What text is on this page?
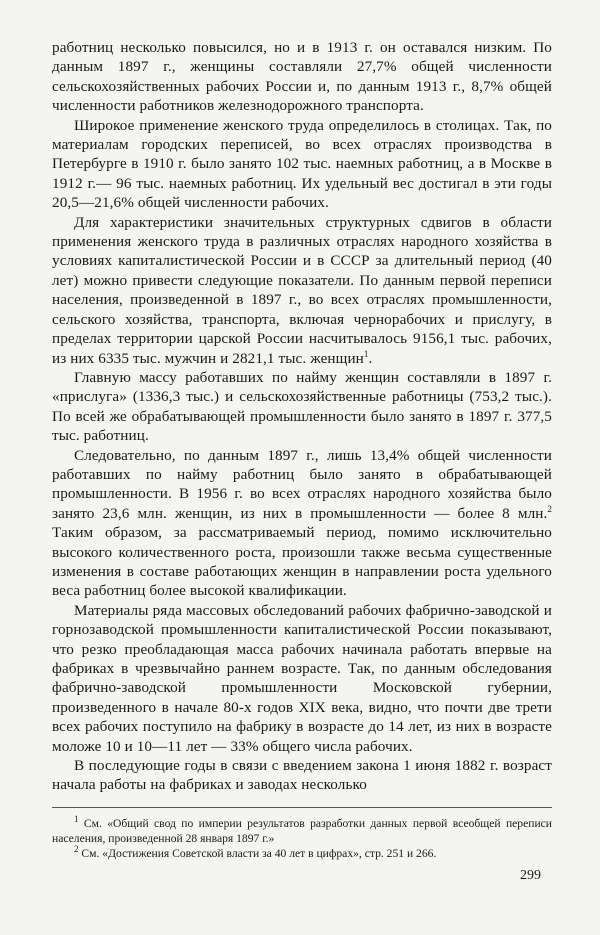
работниц несколько повысился, но и в 1913 г. он оставался низким. По данным 1897 г., женщины составляли 27,7% общей численности сельскохозяйственных рабочих России и, по данным 1913 г., 8,7% общей численности работников железнодорожного транспорта.

Широкое применение женского труда определилось в столицах. Так, по материалам городских переписей, во всех отраслях производства в Петербурге в 1910 г. было занято 102 тыс. наемных работниц, а в Москве в 1912 г.— 96 тыс. наемных работниц. Их удельный вес достигал в эти годы 20,5—21,6% общей численности рабочих.

Для характеристики значительных структурных сдвигов в области применения женского труда в различных отраслях народного хозяйства в условиях капиталистической России и в СССР за длительный период (40 лет) можно привести следующие показатели. По данным первой переписи населения, произведенной в 1897 г., во всех отраслях промышленности, сельского хозяйства, транспорта, включая чернорабочих и прислугу, в пределах территории царской России насчитывалось 9156,1 тыс. рабочих, из них 6335 тыс. мужчин и 2821,1 тыс. женщин$^1$.

Главную массу работавших по найму женщин составляли в 1897 г. «прислуга» (1336,3 тыс.) и сельскохозяйственные работницы (753,2 тыс.). По всей же обрабатывающей промышленности было занято в 1897 г. 377,5 тыс. работниц.

Следовательно, по данным 1897 г., лишь 13,4% общей численности работавших по найму работниц было занято в обрабатывающей промышленности. В 1956 г. во всех отраслях народного хозяйства было занято 23,6 млн. женщин, из них в промышленности — более 8 млн.$^2$ Таким образом, за рассматриваемый период, помимо исключительно высокого количественного роста, произошли также весьма существенные изменения в составе работающих женщин в направлении роста удельного веса работниц более высокой квалификации.

Материалы ряда массовых обследований рабочих фабрично-заводской и горнозаводской промышленности капиталистической России показывают, что резко преобладающая масса рабочих начинала работать впервые на фабриках в чрезвычайно раннем возрасте. Так, по данным обследования фабрично-заводской промышленности Московской губернии, произведенного в начале 80-х годов XIX века, видно, что почти две трети всех рабочих поступило на фабрику в возрасте до 14 лет, из них в возрасте моложе 10 и 10—11 лет — 33% общего числа рабочих.

В последующие годы в связи с введением закона 1 июня 1882 г. возраст начала работы на фабриках и заводах несколько

$^1$ См. «Общий свод по империи результатов разработки данных первой всеобщей переписи населения, произведенной 28 января 1897 г.»

$^2$ См. «Достижения Советской власти за 40 лет в цифрах», стр. 251 и 266.

299
